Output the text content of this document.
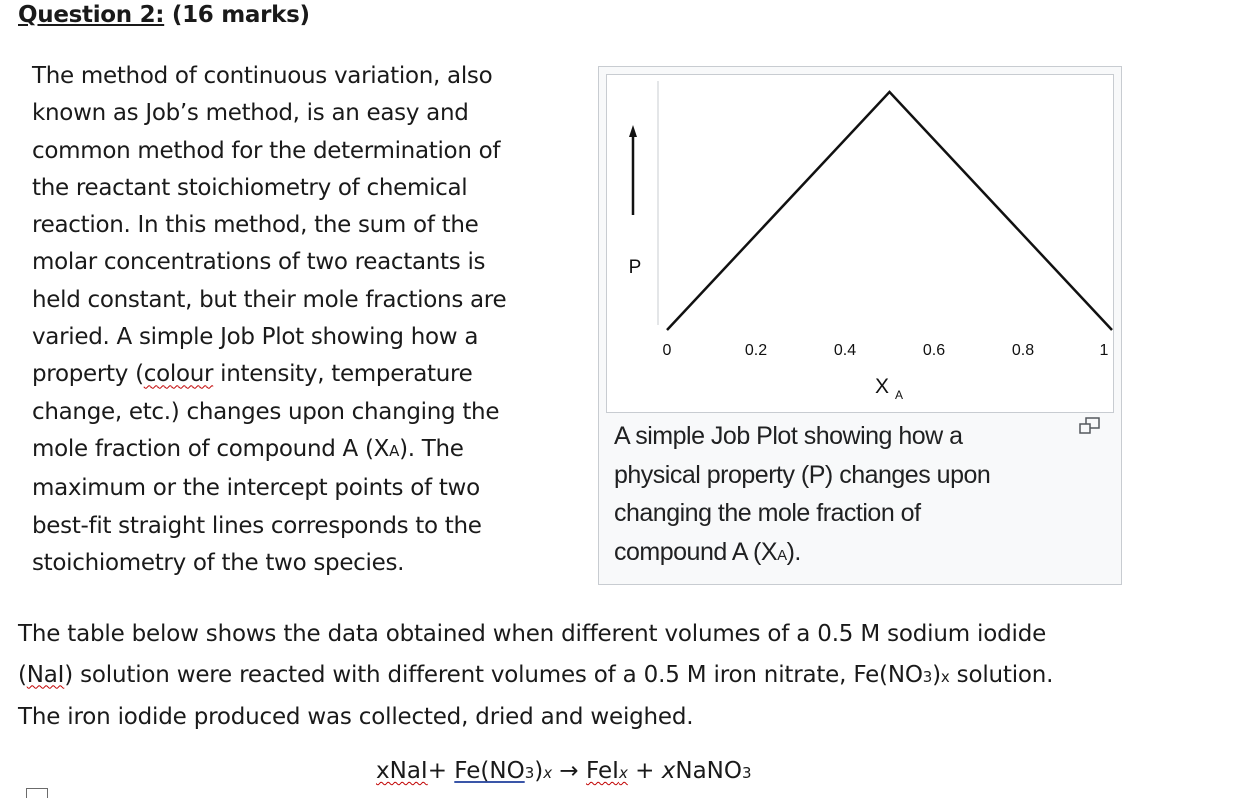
Question 2: (16 marks)
The method of continuous variation, also
known as Job’s method, is an easy and
common method for the determination of
the reactant stoichiometry of chemical
reaction. In this method, the sum of the
molar concentrations of two reactants is
held constant, but their mole fractions are
varied. A simple Job Plot showing how a
property (colour intensity, temperature
change, etc.) changes upon changing the
mole fraction of compound A (XA). The
maximum or the intercept points of two
best-fit straight lines corresponds to the
stoichiometry of the two species.
P
0	0.2	0.4	0.6	0.8	1
X A
A simple Job Plot showing how a
physical property (P) changes upon
changing the mole fraction of
compound A (XA).
The table below shows the data obtained when different volumes of a 0.5 M sodium iodide
(NaI) solution were reacted with different volumes of a 0.5 M iron nitrate, Fe(NO3)x solution.
The iron iodide produced was collected, dried and weighed.
xNaI+ Fe(NO3)x → FeIx + xNaNO3
